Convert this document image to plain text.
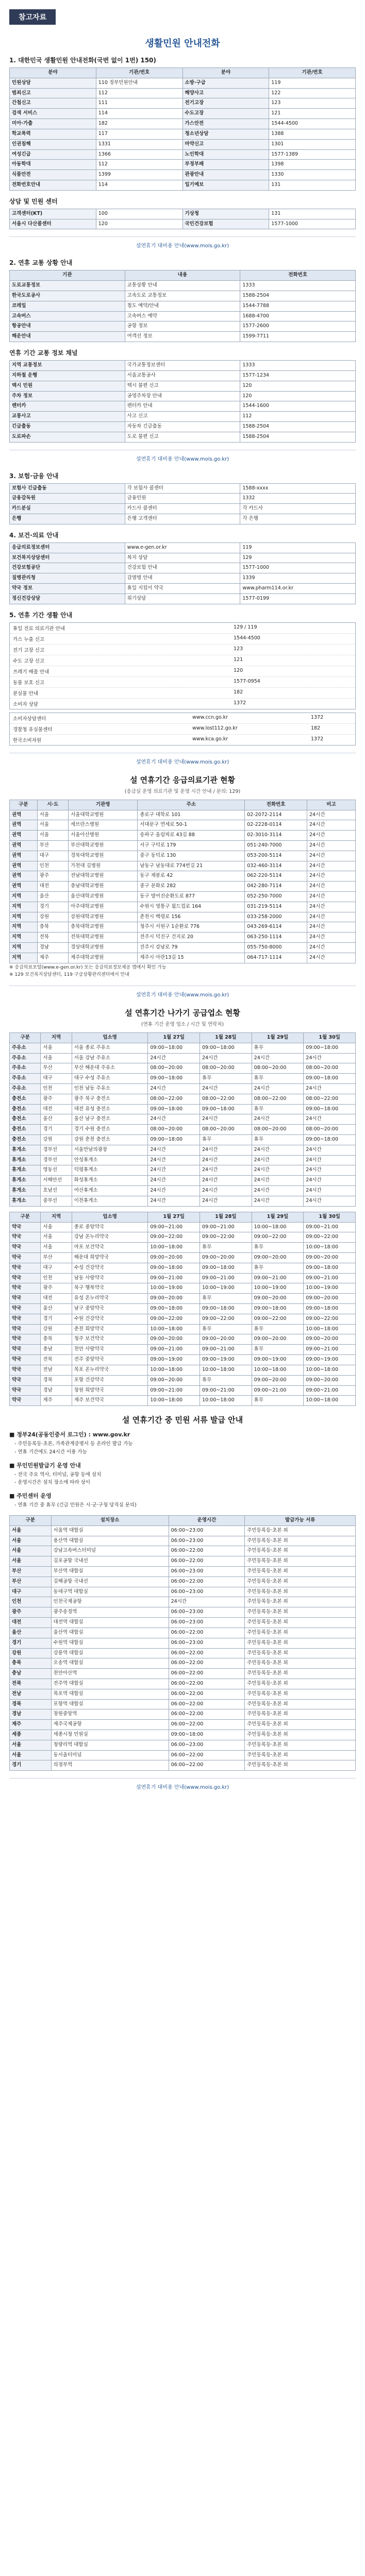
참고자료
생활민원 안내전화
1. 대한민국 생활민원 안내전화(국번 없이 1번) 150)
분야	기관/번호	분야	기관/번호
민원상담	110 정부민원안내	소방·구급	119
범죄신고	112	해양사고	122
간첩신고	111	전기고장	123
검색 서비스	114	수도고장	121
미아·가출	182	가스안전	1544-4500
학교폭력	117	청소년상담	1388
인권침해	1331	마약신고	1301
여성긴급	1366	노인학대	1577-1389
아동학대	112	부정부패	1398
식품안전	1399	관광안내	1330
전화번호안내	114	일기예보	131
상담 및 민원 센터
고객센터(KT)	100	기상청	131
서울시 다산콜센터	120	국민건강보험	1577-1000
설연휴기 대비용 안내(www.mois.go.kr)
2. 연휴 교통 상황 안내
기관	내용	전화번호
도로교통정보	교통상황 안내	1333
한국도로공사	고속도로 교통정보	1588-2504
코레일	철도 예약/안내	1544-7788
고속버스	고속버스 예약	1688-4700
항공안내	공항 정보	1577-2600
해운안내	여객선 정보	1599-7711
연휴 기간 교통 정보 채널
지역 교통정보	국가교통정보센터	1333
지하철 운행	서울교통공사	1577-1234
택시 민원	택시 불편 신고	120
주차 정보	공영주차장 안내	120
렌터카	렌터카 안내	1544-1600
교통사고	사고 신고	112
긴급출동	자동차 긴급출동	1588-2504
도로파손	도로 불편 신고	1588-2504
설연휴기 대비용 안내(www.mois.go.kr)
3. 보험·금융 안내
보험사 긴급출동	각 보험사 콜센터	1588-xxxx
금융감독원	금융민원	1332
카드분실	카드사 콜센터	각 카드사
은행	은행 고객센터	각 은행
4. 보건·의료 안내
응급의료정보센터	www.e-gen.or.kr	119
보건복지상담센터	복지 상담	129
건강보험공단	건강보험 안내	1577-1000
질병관리청	감염병 안내	1339
약국 정보	휴일 지킴이 약국	www.pharm114.or.kr
정신건강상담	위기상담	1577-0199
5. 연휴 기간 생활 안내
휴일 진료 의료기관 안내	129 / 119
가스 누출 신고	1544-4500
전기 고장 신고	123
수도 고장 신고	121
쓰레기 배출 안내	120
동물 보호 신고	1577-0954
분실물 안내	182
소비자 상담	1372
소비자상담센터	www.ccn.go.kr	1372
경찰청 유실물센터	www.lost112.go.kr	182
한국소비자원	www.kca.go.kr	1372
설연휴기 대비용 안내(www.mois.go.kr)
설 연휴기간 응급의료기관 현황
(응급실 운영 의료기관 및 운영 시간 안내 / 문의: 129)
구분	시·도	기관명	주소	전화번호	비고
권역	서울	서울대학교병원	종로구 대학로 101	02-2072-2114	24시간
권역	서울	세브란스병원	서대문구 연세로 50-1	02-2228-0114	24시간
권역	서울	서울아산병원	송파구 올림픽로 43길 88	02-3010-3114	24시간
권역	부산	부산대학교병원	서구 구덕로 179	051-240-7000	24시간
권역	대구	경북대학교병원	중구 동덕로 130	053-200-5114	24시간
권역	인천	가천대 길병원	남동구 남동대로 774번길 21	032-460-3114	24시간
권역	광주	전남대학교병원	동구 제봉로 42	062-220-5114	24시간
권역	대전	충남대학교병원	중구 문화로 282	042-280-7114	24시간
지역	울산	울산대학교병원	동구 방어진순환도로 877	052-250-7000	24시간
지역	경기	아주대학교병원	수원시 영통구 월드컵로 164	031-219-5114	24시간
지역	강원	강원대학교병원	춘천시 백령로 156	033-258-2000	24시간
지역	충북	충북대학교병원	청주시 서원구 1순환로 776	043-269-6114	24시간
지역	전북	전북대학교병원	전주시 덕진구 건지로 20	063-250-1114	24시간
지역	경남	경상대학교병원	진주시 강남로 79	055-750-8000	24시간
지역	제주	제주대학교병원	제주시 아란13길 15	064-717-1114	24시간
※ 응급의료포털(www.e-gen.or.kr) 또는 응급의료정보제공 앱에서 확인 가능
※ 129 보건복지상담센터, 119 구급상황관리센터에서 안내
설연휴기 대비용 안내(www.mois.go.kr)
설 연휴기간 나가기 공급업소 현황
(연휴 기간 운영 업소 / 시간 및 연락처)
구분	지역	업소명	1월 27일	1월 28일	1월 29일	1월 30일
주유소	서울	서울 종로 주유소	09:00~18:00	09:00~18:00	휴무	09:00~18:00
주유소	서울	서울 강남 주유소	24시간	24시간	24시간	24시간
주유소	부산	부산 해운대 주유소	08:00~20:00	08:00~20:00	08:00~20:00	08:00~20:00
주유소	대구	대구 수성 주유소	09:00~18:00	휴무	휴무	09:00~18:00
주유소	인천	인천 남동 주유소	24시간	24시간	24시간	24시간
충전소	광주	광주 북구 충전소	08:00~22:00	08:00~22:00	08:00~22:00	08:00~22:00
충전소	대전	대전 유성 충전소	09:00~18:00	09:00~18:00	휴무	09:00~18:00
충전소	울산	울산 남구 충전소	24시간	24시간	24시간	24시간
충전소	경기	경기 수원 충전소	08:00~20:00	08:00~20:00	08:00~20:00	08:00~20:00
충전소	강원	강원 춘천 충전소	09:00~18:00	휴무	휴무	09:00~18:00
휴게소	경부선	서울만남의광장	24시간	24시간	24시간	24시간
휴게소	경부선	안성휴게소	24시간	24시간	24시간	24시간
휴게소	영동선	덕평휴게소	24시간	24시간	24시간	24시간
휴게소	서해안선	화성휴게소	24시간	24시간	24시간	24시간
휴게소	호남선	여산휴게소	24시간	24시간	24시간	24시간
휴게소	중부선	이천휴게소	24시간	24시간	24시간	24시간
구분	지역	업소명	1월 27일	1월 28일	1월 29일	1월 30일
약국	서울	종로 중앙약국	09:00~21:00	09:00~21:00	10:00~18:00	09:00~21:00
약국	서울	강남 온누리약국	09:00~22:00	09:00~22:00	09:00~22:00	09:00~22:00
약국	서울	마포 보건약국	10:00~18:00	휴무	휴무	10:00~18:00
약국	부산	해운대 희망약국	09:00~20:00	09:00~20:00	09:00~20:00	09:00~20:00
약국	대구	수성 건강약국	09:00~18:00	09:00~18:00	휴무	09:00~18:00
약국	인천	남동 사랑약국	09:00~21:00	09:00~21:00	09:00~21:00	09:00~21:00
약국	광주	북구 행복약국	10:00~19:00	10:00~19:00	10:00~19:00	10:00~19:00
약국	대전	유성 온누리약국	09:00~20:00	휴무	09:00~20:00	09:00~20:00
약국	울산	남구 중앙약국	09:00~18:00	09:00~18:00	09:00~18:00	09:00~18:00
약국	경기	수원 건강약국	09:00~22:00	09:00~22:00	09:00~22:00	09:00~22:00
약국	강원	춘천 희망약국	10:00~18:00	휴무	휴무	10:00~18:00
약국	충북	청주 보건약국	09:00~20:00	09:00~20:00	09:00~20:00	09:00~20:00
약국	충남	천안 사랑약국	09:00~21:00	09:00~21:00	휴무	09:00~21:00
약국	전북	전주 중앙약국	09:00~19:00	09:00~19:00	09:00~19:00	09:00~19:00
약국	전남	목포 온누리약국	10:00~18:00	10:00~18:00	10:00~18:00	10:00~18:00
약국	경북	포항 건강약국	09:00~20:00	휴무	09:00~20:00	09:00~20:00
약국	경남	창원 희망약국	09:00~21:00	09:00~21:00	09:00~21:00	09:00~21:00
약국	제주	제주 보건약국	10:00~18:00	10:00~18:00	휴무	10:00~18:00
설 연휴기간 중 민원 서류 발급 안내
■ 정부24(공동인증서 로그인) : www.gov.kr
- 주민등록등·초본, 가족관계증명서 등 온라인 발급 가능
- 연휴 기간에도 24시간 이용 가능
■ 무인민원발급기 운영 안내
- 전국 주요 역사, 터미널, 공항 등에 설치
- 운영시간은 설치 장소에 따라 상이
■ 주민센터 운영
- 연휴 기간 중 휴무 (긴급 민원은 시·군·구청 당직실 문의)
구분	설치장소	운영시간	발급가능 서류
서울	서울역 대합실	06:00~23:00	주민등록등·초본 외
서울	용산역 대합실	06:00~23:00	주민등록등·초본 외
서울	강남고속버스터미널	06:00~22:00	주민등록등·초본 외
서울	김포공항 국내선	06:00~22:00	주민등록등·초본 외
부산	부산역 대합실	06:00~23:00	주민등록등·초본 외
부산	김해공항 국내선	06:00~22:00	주민등록등·초본 외
대구	동대구역 대합실	06:00~23:00	주민등록등·초본 외
인천	인천국제공항	24시간	주민등록등·초본 외
광주	광주송정역	06:00~23:00	주민등록등·초본 외
대전	대전역 대합실	06:00~23:00	주민등록등·초본 외
울산	울산역 대합실	06:00~22:00	주민등록등·초본 외
경기	수원역 대합실	06:00~23:00	주민등록등·초본 외
강원	강릉역 대합실	06:00~22:00	주민등록등·초본 외
충북	오송역 대합실	06:00~22:00	주민등록등·초본 외
충남	천안아산역	06:00~22:00	주민등록등·초본 외
전북	전주역 대합실	06:00~22:00	주민등록등·초본 외
전남	목포역 대합실	06:00~22:00	주민등록등·초본 외
경북	포항역 대합실	06:00~22:00	주민등록등·초본 외
경남	창원중앙역	06:00~22:00	주민등록등·초본 외
제주	제주국제공항	06:00~22:00	주민등록등·초본 외
세종	세종시청 민원실	09:00~18:00	주민등록등·초본 외
서울	청량리역 대합실	06:00~23:00	주민등록등·초본 외
서울	동서울터미널	06:00~22:00	주민등록등·초본 외
경기	의정부역	06:00~22:00	주민등록등·초본 외
설연휴기 대비용 안내(www.mois.go.kr)
